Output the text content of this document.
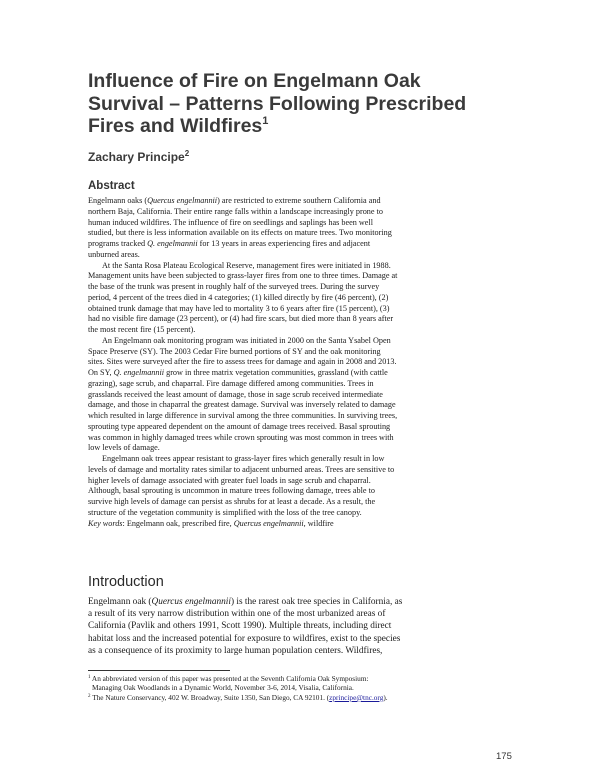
Influence of Fire on Engelmann Oak
Survival – Patterns Following Prescribed
Fires and Wildfires$^1$
Zachary Principe$^2$
Abstract
Engelmann oaks (Quercus engelmannii) are restricted to extreme southern California and
northern Baja, California. Their entire range falls within a landscape increasingly prone to
human induced wildfires. The influence of fire on seedlings and saplings has been well
studied, but there is less information available on its effects on mature trees. Two monitoring
programs tracked Q. engelmannii for 13 years in areas experiencing fires and adjacent
unburned areas.
At the Santa Rosa Plateau Ecological Reserve, management fires were initiated in 1988.
Management units have been subjected to grass-layer fires from one to three times. Damage at
the base of the trunk was present in roughly half of the surveyed trees. During the survey
period, 4 percent of the trees died in 4 categories; (1) killed directly by fire (46 percent), (2)
obtained trunk damage that may have led to mortality 3 to 6 years after fire (15 percent), (3)
had no visible fire damage (23 percent), or (4) had fire scars, but died more than 8 years after
the most recent fire (15 percent).
An Engelmann oak monitoring program was initiated in 2000 on the Santa Ysabel Open
Space Preserve (SY). The 2003 Cedar Fire burned portions of SY and the oak monitoring
sites. Sites were surveyed after the fire to assess trees for damage and again in 2008 and 2013.
On SY, Q. engelmannii grow in three matrix vegetation communities, grassland (with cattle
grazing), sage scrub, and chaparral. Fire damage differed among communities. Trees in
grasslands received the least amount of damage, those in sage scrub received intermediate
damage, and those in chaparral the greatest damage. Survival was inversely related to damage
which resulted in large difference in survival among the three communities. In surviving trees,
sprouting type appeared dependent on the amount of damage trees received. Basal sprouting
was common in highly damaged trees while crown sprouting was most common in trees with
low levels of damage.
Engelmann oak trees appear resistant to grass-layer fires which generally result in low
levels of damage and mortality rates similar to adjacent unburned areas. Trees are sensitive to
higher levels of damage associated with greater fuel loads in sage scrub and chaparral.
Although, basal sprouting is uncommon in mature trees following damage, trees able to
survive high levels of damage can persist as shrubs for at least a decade. As a result, the
structure of the vegetation community is simplified with the loss of the tree canopy.
Key words: Engelmann oak, prescribed fire, Quercus engelmannii, wildfire
Introduction
Engelmann oak (Quercus engelmannii) is the rarest oak tree species in California, as
a result of its very narrow distribution within one of the most urbanized areas of
California (Pavlik and others 1991, Scott 1990). Multiple threats, including direct
habitat loss and the increased potential for exposure to wildfires, exist to the species
as a consequence of its proximity to large human population centers. Wildfires,
$^1$ An abbreviated version of this paper was presented at the Seventh California Oak Symposium:
Managing Oak Woodlands in a Dynamic World, November 3-6, 2014, Visalia, California.
$^2$ The Nature Conservancy, 402 W. Broadway, Suite 1350, San Diego, CA 92101. (zprincipe@tnc.org).
175
